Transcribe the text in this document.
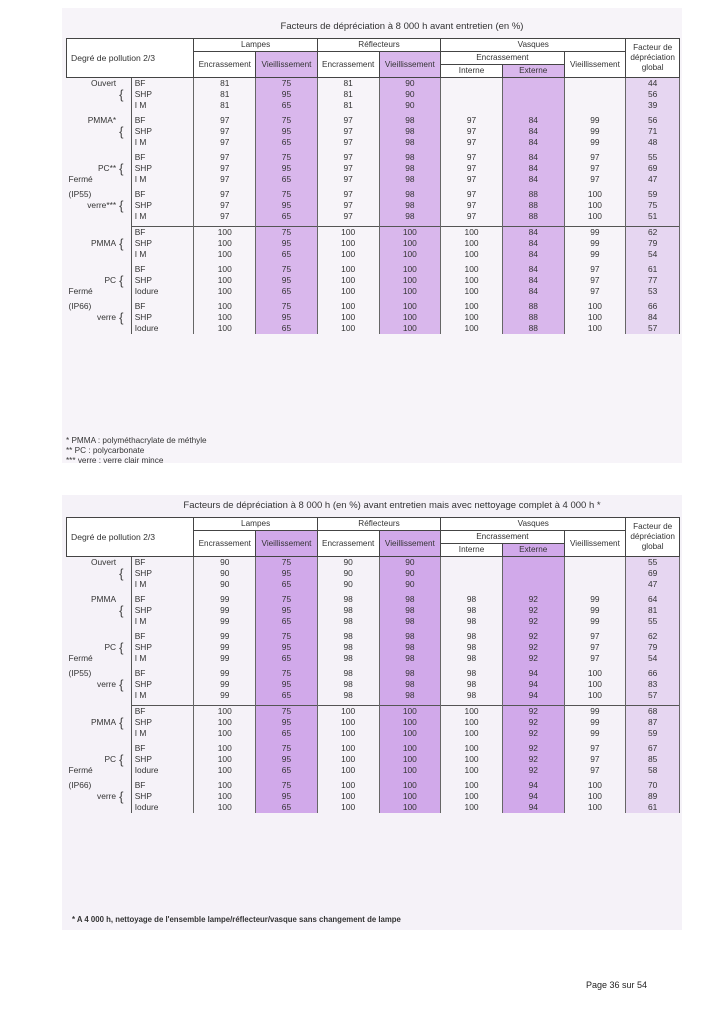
Facteurs de dépréciation à 8 000 h avant entretien (en %)
Degré de pollution 2/3			Lampes		Réflecteurs		Vasques			Facteur de dépréciation global
			Encrassement	Vieillissement	Encrassement	Vieillissement	Encrassement		Vieillissement	
							Interne	Externe		

Ouvert		BF	81	75	81	90				44

	{	SHP	81	95	81	90				56

		I M	81	65	81	90				39

PMMA*		BF	97	75	97	98	97	84	99	56

	{	SHP	97	95	97	98	97	84	99	71

		I M	97	65	97	98	97	84	99	48

		BF	97	75	97	98	97	84	97	55

PC**	{	SHP	97	95	97	98	97	84	97	69

Fermé		I M	97	65	97	98	97	84	97	47

(IP55)		BF	97	75	97	98	97	88	100	59

verre***	{	SHP	97	95	97	98	97	88	100	75

		I M	97	65	97	98	97	88	100	51

		BF	100	75	100	100	100	84	99	62

PMMA	{	SHP	100	95	100	100	100	84	99	79

		I M	100	65	100	100	100	84	99	54

		BF	100	75	100	100	100	84	97	61

PC	{	SHP	100	95	100	100	100	84	97	77

Fermé		Iodure	100	65	100	100	100	84	97	53

(IP66)		BF	100	75	100	100	100	88	100	66

verre	{	SHP	100	95	100	100	100	88	100	84

		Iodure	100	65	100	100	100	88	100	57
* PMMA : polyméthacrylate de méthyle
** PC : polycarbonate
*** verre : verre clair mince
Facteurs de dépréciation à 8 000 h (en %) avant entretien mais avec nettoyage complet à 4 000 h *
Degré de pollution 2/3			Lampes		Réflecteurs		Vasques			Facteur de dépréciation global
			Encrassement	Vieillissement	Encrassement	Vieillissement	Encrassement		Vieillissement	
							Interne	Externe		

Ouvert		BF	90	75	90	90				55

	{	SHP	90	95	90	90				69

		I M	90	65	90	90				47

PMMA		BF	99	75	98	98	98	92	99	64

	{	SHP	99	95	98	98	98	92	99	81

		I M	99	65	98	98	98	92	99	55

		BF	99	75	98	98	98	92	97	62

PC	{	SHP	99	95	98	98	98	92	97	79

Fermé		I M	99	65	98	98	98	92	97	54

(IP55)		BF	99	75	98	98	98	94	100	66

verre	{	SHP	99	95	98	98	98	94	100	83

		I M	99	65	98	98	98	94	100	57

		BF	100	75	100	100	100	92	99	68

PMMA	{	SHP	100	95	100	100	100	92	99	87

		I M	100	65	100	100	100	92	99	59

		BF	100	75	100	100	100	92	97	67

PC	{	SHP	100	95	100	100	100	92	97	85

Fermé		Iodure	100	65	100	100	100	92	97	58

(IP66)		BF	100	75	100	100	100	94	100	70

verre	{	SHP	100	95	100	100	100	94	100	89

		Iodure	100	65	100	100	100	94	100	61
* A 4 000 h, nettoyage de l'ensemble lampe/réflecteur/vasque sans changement de lampe
Page 36 sur 54
